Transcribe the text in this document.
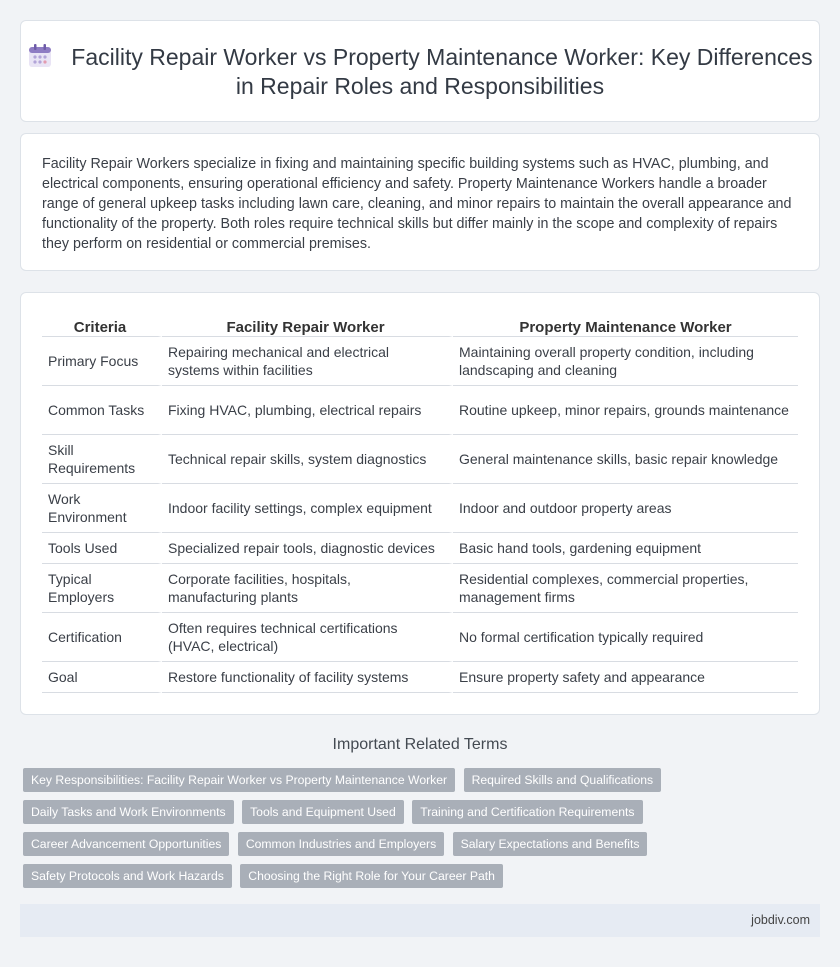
Facility Repair Worker vs Property Maintenance Worker: Key Differences in Repair Roles and Responsibilities

Facility Repair Workers specialize in fixing and maintaining specific building systems such as HVAC, plumbing, and electrical components, ensuring operational efficiency and safety. Property Maintenance Workers handle a broader range of general upkeep tasks including lawn care, cleaning, and minor repairs to maintain the overall appearance and functionality of the property. Both roles require technical skills but differ mainly in the scope and complexity of repairs they perform on residential or commercial premises.

Criteria	Facility Repair Worker	Property Maintenance Worker
Primary Focus	Repairing mechanical and electrical systems within facilities	Maintaining overall property condition, including landscaping and cleaning
Common Tasks	Fixing HVAC, plumbing, electrical repairs	Routine upkeep, minor repairs, grounds maintenance
Skill Requirements	Technical repair skills, system diagnostics	General maintenance skills, basic repair knowledge
Work Environment	Indoor facility settings, complex equipment	Indoor and outdoor property areas
Tools Used	Specialized repair tools, diagnostic devices	Basic hand tools, gardening equipment
Typical Employers	Corporate facilities, hospitals, manufacturing plants	Residential complexes, commercial properties, management firms
Certification	Often requires technical certifications (HVAC, electrical)	No formal certification typically required
Goal	Restore functionality of facility systems	Ensure property safety and appearance
Important Related Terms
Key Responsibilities: Facility Repair Worker vs Property Maintenance Worker Required Skills and Qualifications
Daily Tasks and Work Environments Tools and Equipment Used Training and Certification Requirements
Career Advancement Opportunities Common Industries and Employers Salary Expectations and Benefits
Safety Protocols and Work Hazards Choosing the Right Role for Your Career Path
jobdiv.com
